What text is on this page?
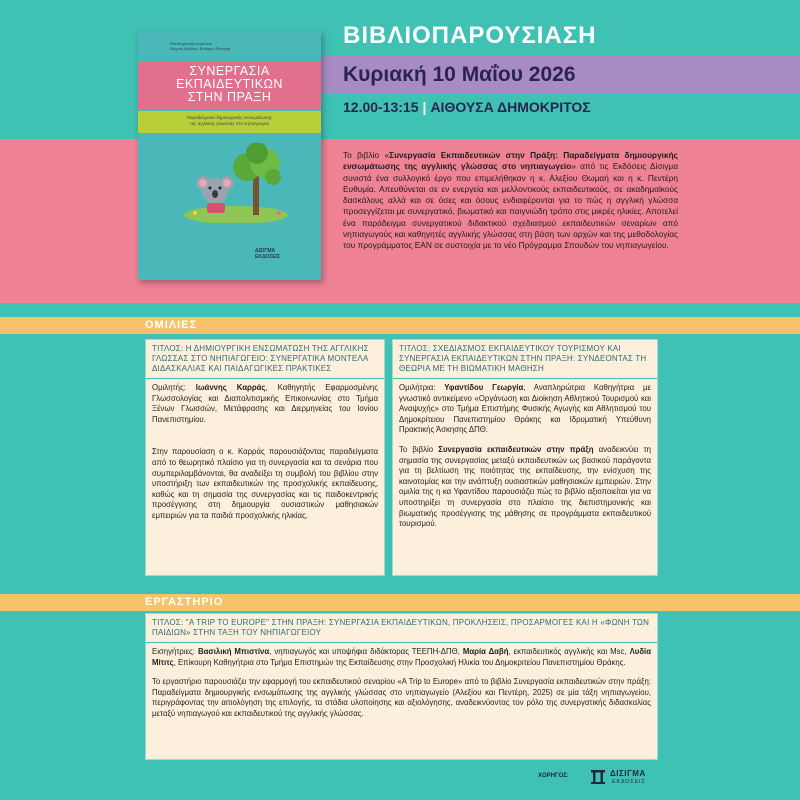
ΒΙΒΛΙΟΠΑΡΟΥΣΙΑΣΗ
Κυριακή 10 Μαΐου 2026
12.00-13:15 | ΑΙΘΟΥΣΑ ΔΗΜΟΚΡΙΤΟΣ
Επιστημονική επιμέλεια
Θωμαή Αλεξίου, Ευθυμία Πεντέρη
ΣΥΝΕΡΓΑΣΙΑ
ΕΚΠΑΙΔΕΥΤΙΚΩΝ
ΣΤΗΝ ΠΡΑΞΗ
Παραδείγματα δημιουργικής ενσωμάτωσης
της αγγλικής γλώσσας στο νηπιαγωγείο
ΔΙΣΙΓΜΑ
ΕΚΔΟΣΕΙΣ
Το βιβλίο «Συνεργασία Εκπαιδευτικών στην Πράξη: Παραδείγματα δημιουργικής ενσωμάτωσης της αγγλικής γλώσσας στο νηπιαγωγείο» από τις Εκδόσεις Δίσιγμα συνιστά ένα συλλογικό έργο που επιμελήθηκαν η κ. Αλεξίου Θωμαή και η κ. Πεντέρη Ευθυμία. Απευθύνεται σε εν ενεργεία και μελλοντικούς εκπαιδευτικούς, σε ακαδημαϊκούς δασκάλους αλλά και σε όσες και όσους ενδιαφέρονται για το πώς η αγγλική γλώσσα προσεγγίζεται με συνεργατικό, βιωματικό και παιγνιώδη τρόπο στις μικρές ηλικίες. Αποτελεί ένα παράδειγμα συνεργατικού διδακτικού σχεδιασμού εκπαιδευτικών σεναρίων από νηπιαγωγούς και καθηγητές αγγλικής γλώσσας στη βάση των αρχών και της μεθοδολογίας του προγράμματος ΕΑΝ σε συστοιχία με το νέο Πρόγραμμα Σπουδών του νηπιαγωγείου.
ΟΜΙΛΙΕΣ
ΤΙΤΛΟΣ: Η ΔΗΜΙΟΥΡΓΙΚΗ ΕΝΣΩΜΑΤΩΣΗ ΤΗΣ ΑΓΓΛΙΚΗΣ ΓΛΩΣΣΑΣ ΣΤΟ ΝΗΠΙΑΓΩΓΕΙΟ: ΣΥΝΕΡΓΑΤΙΚΑ ΜΟΝΤΕΛΑ ΔΙΔΑΣΚΑΛΙΑΣ ΚΑΙ ΠΑΙΔΑΓΩΓΙΚΕΣ ΠΡΑΚΤΙΚΕΣ

Ομιλητής: Ιωάννης Καρράς, Καθηγητής Εφαρμοσμένης Γλωσσολογίας και Διαπολιτισμικής Επικοινωνίας στο Τμήμα Ξένων Γλωσσών, Μετάφρασης και Διερμηνείας του Ιονίου Πανεπιστημίου.

Στην παρουσίαση ο κ. Καρράς παρουσιάζοντας παραδείγματα από το θεωρητικό πλαίσιο για τη συνεργασία και τα σενάρια που συμπεριλαμβάνονται, θα αναδείξει τη συμβολή του βιβλίου στην υποστήριξη των εκπαιδευτικών της προσχολικής εκπαίδευσης, καθώς και τη σημασία της συνεργασίας και τις παιδοκεντρικής προσέγγισης στη δημιουργία ουσιαστικών μαθησιακών εμπειριών για τα παιδιά προσχολικής ηλικίας.

ΤΙΤΛΟΣ: ΣΧΕΔΙΑΣΜΟΣ ΕΚΠΑΙΔΕΥΤΙΚΟΥ ΤΟΥΡΙΣΜΟΥ ΚΑΙ ΣΥΝΕΡΓΑΣΙΑ ΕΚΠΑΙΔΕΥΤΙΚΩΝ ΣΤΗΝ ΠΡΑΞΗ: ΣΥΝΔΕΟΝΤΑΣ ΤΗ ΘΕΩΡΙΑ ΜΕ ΤΗ ΒΙΩΜΑΤΙΚΗ ΜΑΘΗΣΗ

Ομιλήτρια: Υφαντίδου Γεωργία, Αναπληρώτρια Καθηγήτρια με γνωστικό αντικείμενο «Οργάνωση και Διοίκηση Αθλητικού Τουρισμού και Αναψυχής» στο Τμήμα Επιστήμης Φυσικής Αγωγής και Αθλητισμού του Δημοκρίτειου Πανεπιστημίου Θράκης και Ιδρυματική Υπεύθυνη Πρακτικής Άσκησης ΔΠΘ.

Το βιβλίο Συνεργασία εκπαιδευτικών στην πράξη αναδεικνύει τη σημασία της συνεργασίας μεταξύ εκπαιδευτικών ως βασικού παράγοντα για τη βελτίωση της ποιότητας της εκπαίδευσης, την ενίσχυση της καινοτομίας και την ανάπτυξη ουσιαστικών μαθησιακών εμπειριών. Στην ομιλία της η κα Υφαντίδου παρουσιάζει πώς το βιβλίο αξιοποιείται για να υποστηρίξει τη συνεργασία στο πλαίσιο της διεπιστημονικής και βιωματικής προσέγγισης της μάθησης σε προγράμματα εκπαιδευτικού τουρισμού.

ΕΡΓΑΣΤΗΡΙΟ
ΤΙΤΛΟΣ: "A TRIP TO EUROPE" ΣΤΗΝ ΠΡΑΞΗ: ΣΥΝΕΡΓΑΣΙΑ ΕΚΠΑΙΔΕΥΤΙΚΩΝ, ΠΡΟΚΛΗΣΕΙΣ, ΠΡΟΣΑΡΜΟΓΕΣ ΚΑΙ Η «ΦΩΝΗ ΤΩΝ ΠΑΙΔΙΩΝ» ΣΤΗΝ ΤΑΞΗ ΤΟΥ ΝΗΠΙΑΓΩΓΕΙΟΥ

Εισηγήτριες: Βασιλική Μπιστίνα, νηπιαγωγός και υποψήφια διδάκτορας ΤΕΕΠΗ-ΔΠΘ, Μαρία Δαβή, εκπαιδευτικός αγγλικής και Msc, Λυδία Μίτιτς, Επίκουρη Καθηγήτρια στο Τμήμα Επιστημών της Εκπαίδευσης στην Προσχολική Ηλικία του Δημοκριτείου Πανεπιστημίου Θράκης.

Το εργαστήριο παρουσιάζει την εφαρμογή του εκπαιδευτικού σεναρίου «A Trip to Europe» από το βιβλίο Συνεργασία εκπαιδευτικών στην πράξη: Παραδείγματα δημιουργικής ενσωμάτωσης της αγγλικής γλώσσας στο νηπιαγωγείο (Αλεξίου και Πεντέρη, 2025) σε μία τάξη νηπιαγωγείου, περιγράφοντας την αιτιολόγηση της επιλογής, τα στάδια υλοποίησης και αξιολόγησης, αναδεικνύοντας τον ρόλο της συνεργατικής διδασκαλίας μεταξύ νηπιαγωγού και εκπαιδευτικού της αγγλικής γλώσσας.

ΧΟΡΗΓΟΣ:	ΔΙΣΙΓΜΑ
ΕΚΔΟΣΕΙΣ
